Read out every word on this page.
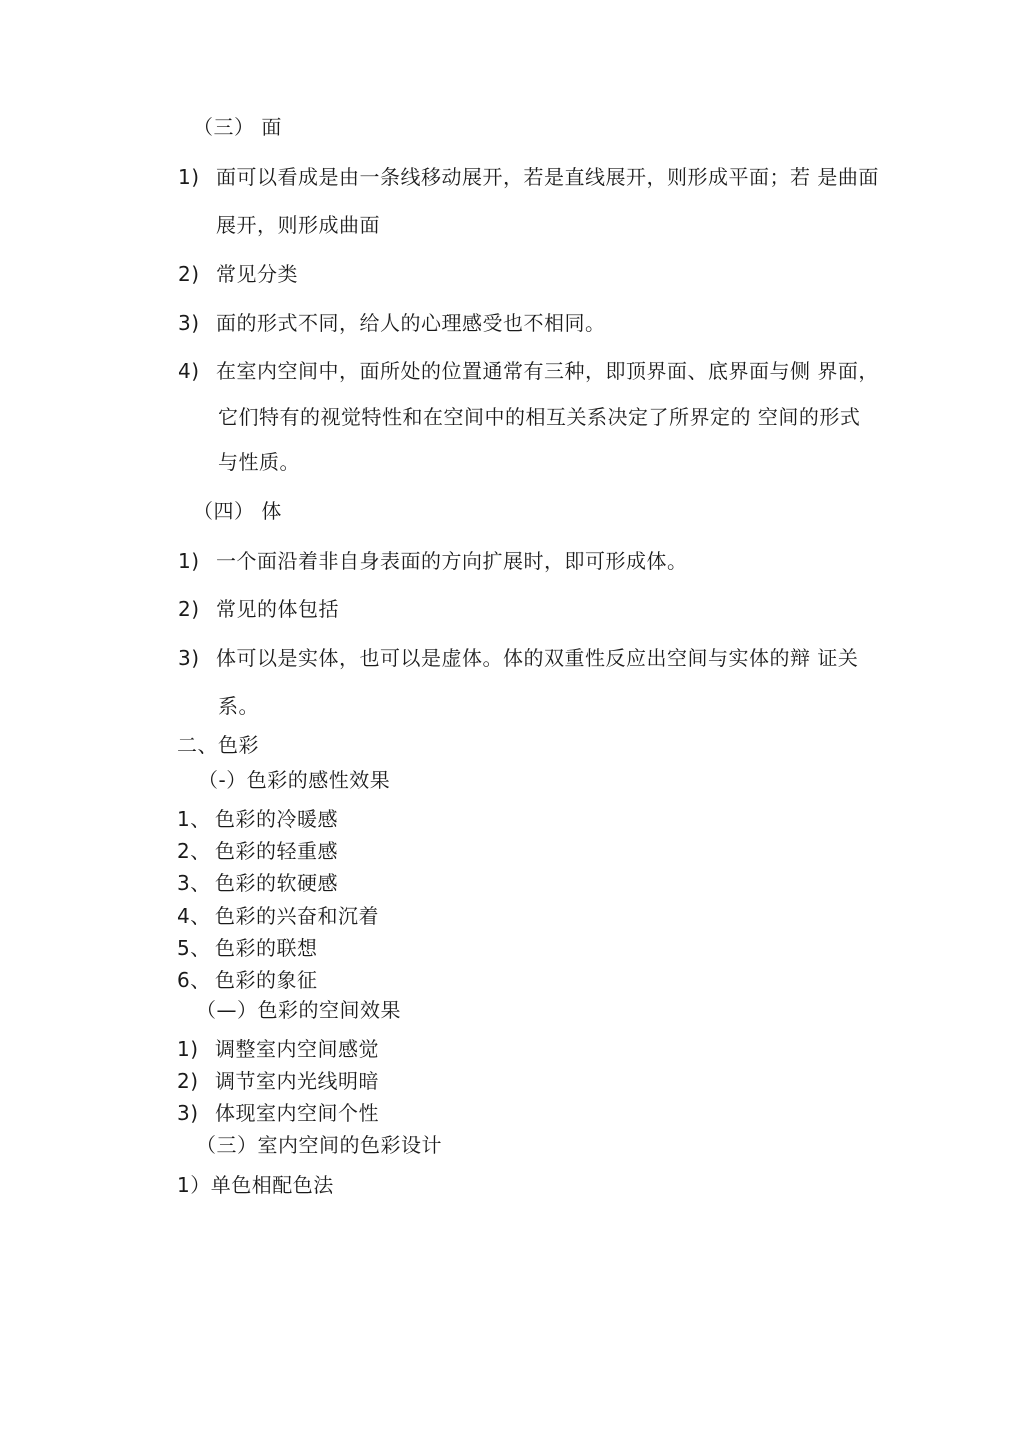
（三） 面
1) 面可以看成是由一条线移动展开，若是直线展开，则形成平面；若 是曲面
展开，则形成曲面
2) 常见分类
3) 面的形式不同，给人的心理感受也不相同。
4) 在室内空间中，面所处的位置通常有三种，即顶界面、底界面与侧 界面，
它们特有的视觉特性和在空间中的相互关系决定了所界定的 空间的形式
与性质。
（四） 体
1) 一个面沿着非自身表面的方向扩展时，即可形成体。
2) 常见的体包括
3) 体可以是实体，也可以是虚体。体的双重性反应出空间与实体的辩 证关
系。
二、色彩
（-）色彩的感性效果
1、 色彩的冷暖感
2、 色彩的轻重感
3、 色彩的软硬感
4、 色彩的兴奋和沉着
5、 色彩的联想
6、 色彩的象征
（—）色彩的空间效果
1) 调整室内空间感觉
2) 调节室内光线明暗
3) 体现室内空间个性
（三）室内空间的色彩设计
1）单色相配色法
